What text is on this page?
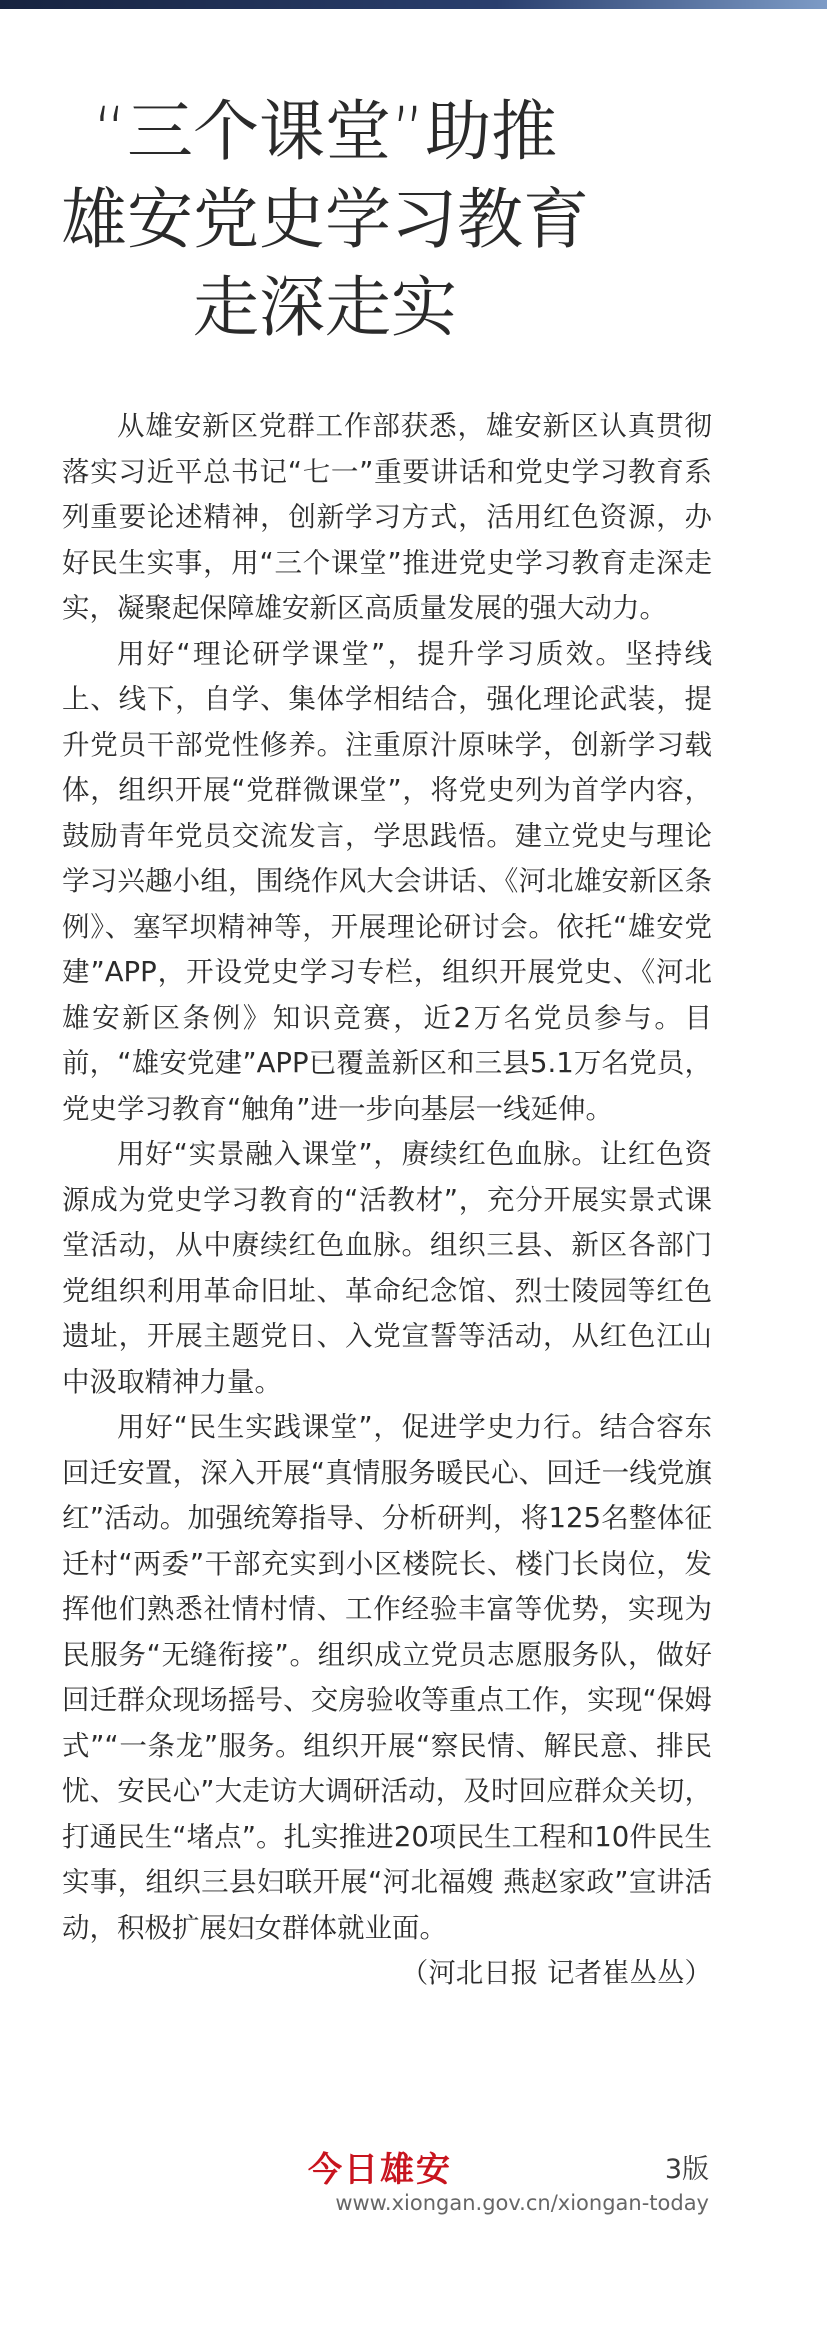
“三个课堂”助推
雄安党史学习教育
走深走实

从雄安新区党群工作部获悉，雄安新区认真贯彻落实习近平总书记“七一”重要讲话和党史学习教育系列重要论述精神，创新学习方式，活用红色资源，办好民生实事，用“三个课堂”推进党史学习教育走深走实，凝聚起保障雄安新区高质量发展的强大动力。

用好“理论研学课堂”，提升学习质效。坚持线上、线下，自学、集体学相结合，强化理论武装，提升党员干部党性修养。注重原汁原味学，创新学习载体，组织开展“党群微课堂”，将党史列为首学内容，鼓励青年党员交流发言，学思践悟。建立党史与理论学习兴趣小组，围绕作风大会讲话、《河北雄安新区条例》、塞罕坝精神等，开展理论研讨会。依托“雄安党建”APP，开设党史学习专栏，组织开展党史、《河北雄安新区条例》知识竞赛，近2万名党员参与。目前，“雄安党建”APP已覆盖新区和三县5.1万名党员，党史学习教育“触角”进一步向基层一线延伸。

用好“实景融入课堂”，赓续红色血脉。让红色资源成为党史学习教育的“活教材”，充分开展实景式课堂活动，从中赓续红色血脉。组织三县、新区各部门党组织利用革命旧址、革命纪念馆、烈士陵园等红色遗址，开展主题党日、入党宣誓等活动，从红色江山中汲取精神力量。

用好“民生实践课堂”，促进学史力行。结合容东回迁安置，深入开展“真情服务暖民心、回迁一线党旗红”活动。加强统筹指导、分析研判，将125名整体征迁村“两委”干部充实到小区楼院长、楼门长岗位，发挥他们熟悉社情村情、工作经验丰富等优势，实现为民服务“无缝衔接”。组织成立党员志愿服务队，做好回迁群众现场摇号、交房验收等重点工作，实现“保姆式”“一条龙”服务。组织开展“察民情、解民意、排民忧、安民心”大走访大调研活动，及时回应群众关切，打通民生“堵点”。扎实推进20项民生工程和10件民生实事，组织三县妇联开展“河北福嫂 燕赵家政”宣讲活动，积极扩展妇女群体就业面。
（河北日报 记者崔丛丛）

今日雄安	3版
www.xiongan.gov.cn/xiongan-today
